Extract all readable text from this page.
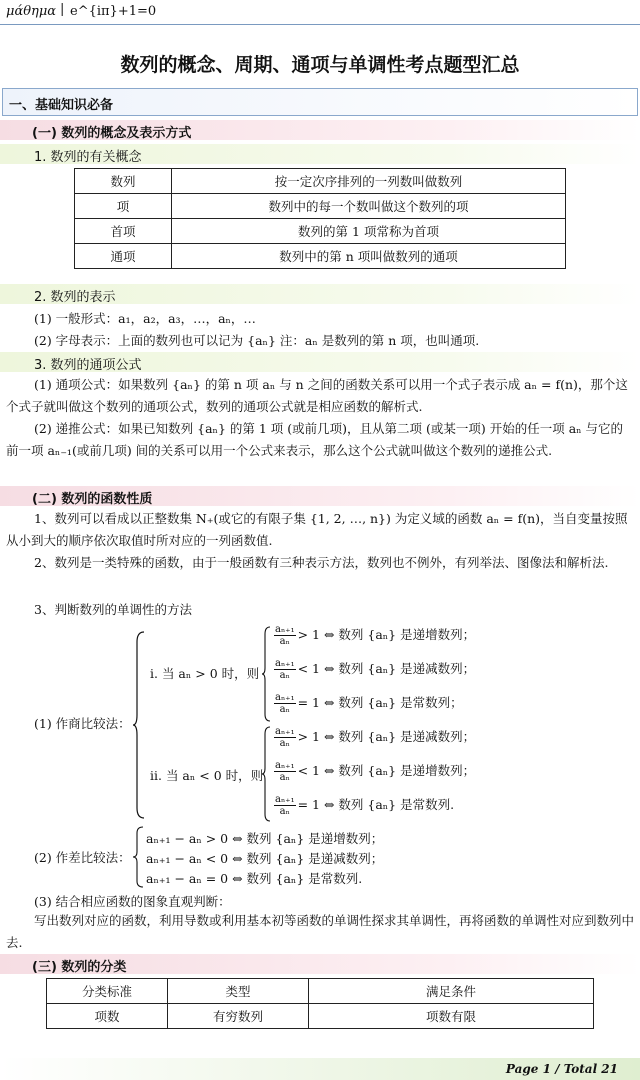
μάθημα | e^{iπ}+1=0
数列的概念、周期、通项与单调性考点题型汇总
一、基础知识必备
(一) 数列的概念及表示方式
1. 数列的有关概念
数列	按一定次序排列的一列数叫做数列
项	数列中的每一个数叫做这个数列的项
首项	数列的第 1 项常称为首项
通项	数列中的第 n 项叫做数列的通项
2. 数列的表示
(1) 一般形式：a₁，a₂，a₃，…，aₙ，…
(2) 字母表示：上面的数列也可以记为 {aₙ} 注：aₙ 是数列的第 n 项，也叫通项.
3. 数列的通项公式
(1) 通项公式：如果数列 {aₙ} 的第 n 项 aₙ 与 n 之间的函数关系可以用一个式子表示成 aₙ = f(n)，那个这个式子就叫做这个数列的通项公式，数列的通项公式就是相应函数的解析式.
(2) 递推公式：如果已知数列 {aₙ} 的第 1 项 (或前几项)，且从第二项 (或某一项) 开始的任一项 aₙ 与它的前一项 aₙ₋₁(或前几项) 间的关系可以用一个公式来表示，那么这个公式就叫做这个数列的递推公式.
(二) 数列的函数性质
1、数列可以看成以正整数集 N₊(或它的有限子集 {1, 2, …, n}) 为定义域的函数 aₙ = f(n)，当自变量按照从小到大的顺序依次取值时所对应的一列函数值.
2、数列是一类特殊的函数，由于一般函数有三种表示方法，数列也不例外，有列举法、图像法和解析法.
3、判断数列的单调性的方法
(1) 作商比较法：
ⅰ. 当 aₙ > 0 时，则
ⅱ. 当 aₙ < 0 时，则
$\frac{\text{aₙ₊₁}}{\text{aₙ}} > 1$ ⇔ 数列 {aₙ} 是递增数列；
$\frac{\text{aₙ₊₁}}{\text{aₙ}} < 1$ ⇔ 数列 {aₙ} 是递减数列；
$\frac{\text{aₙ₊₁}}{\text{aₙ}} = 1$ ⇔ 数列 {aₙ} 是常数列；
$\frac{\text{aₙ₊₁}}{\text{aₙ}} > 1$ ⇔ 数列 {aₙ} 是递减数列；
$\frac{\text{aₙ₊₁}}{\text{aₙ}} < 1$ ⇔ 数列 {aₙ} 是递增数列；
$\frac{\text{aₙ₊₁}}{\text{aₙ}} = 1$ ⇔ 数列 {aₙ} 是常数列.
(2) 作差比较法：
aₙ₊₁ − aₙ > 0 ⇔ 数列 {aₙ} 是递增数列；
aₙ₊₁ − aₙ < 0 ⇔ 数列 {aₙ} 是递减数列；
aₙ₊₁ − aₙ = 0 ⇔ 数列 {aₙ} 是常数列.
(3) 结合相应函数的图象直观判断：
写出数列对应的函数，利用导数或利用基本初等函数的单调性探求其单调性，再将函数的单调性对应到数列中去.
(三) 数列的分类
分类标准	类型	满足条件
项数	有穷数列	项数有限
Page 1 / Total 21
